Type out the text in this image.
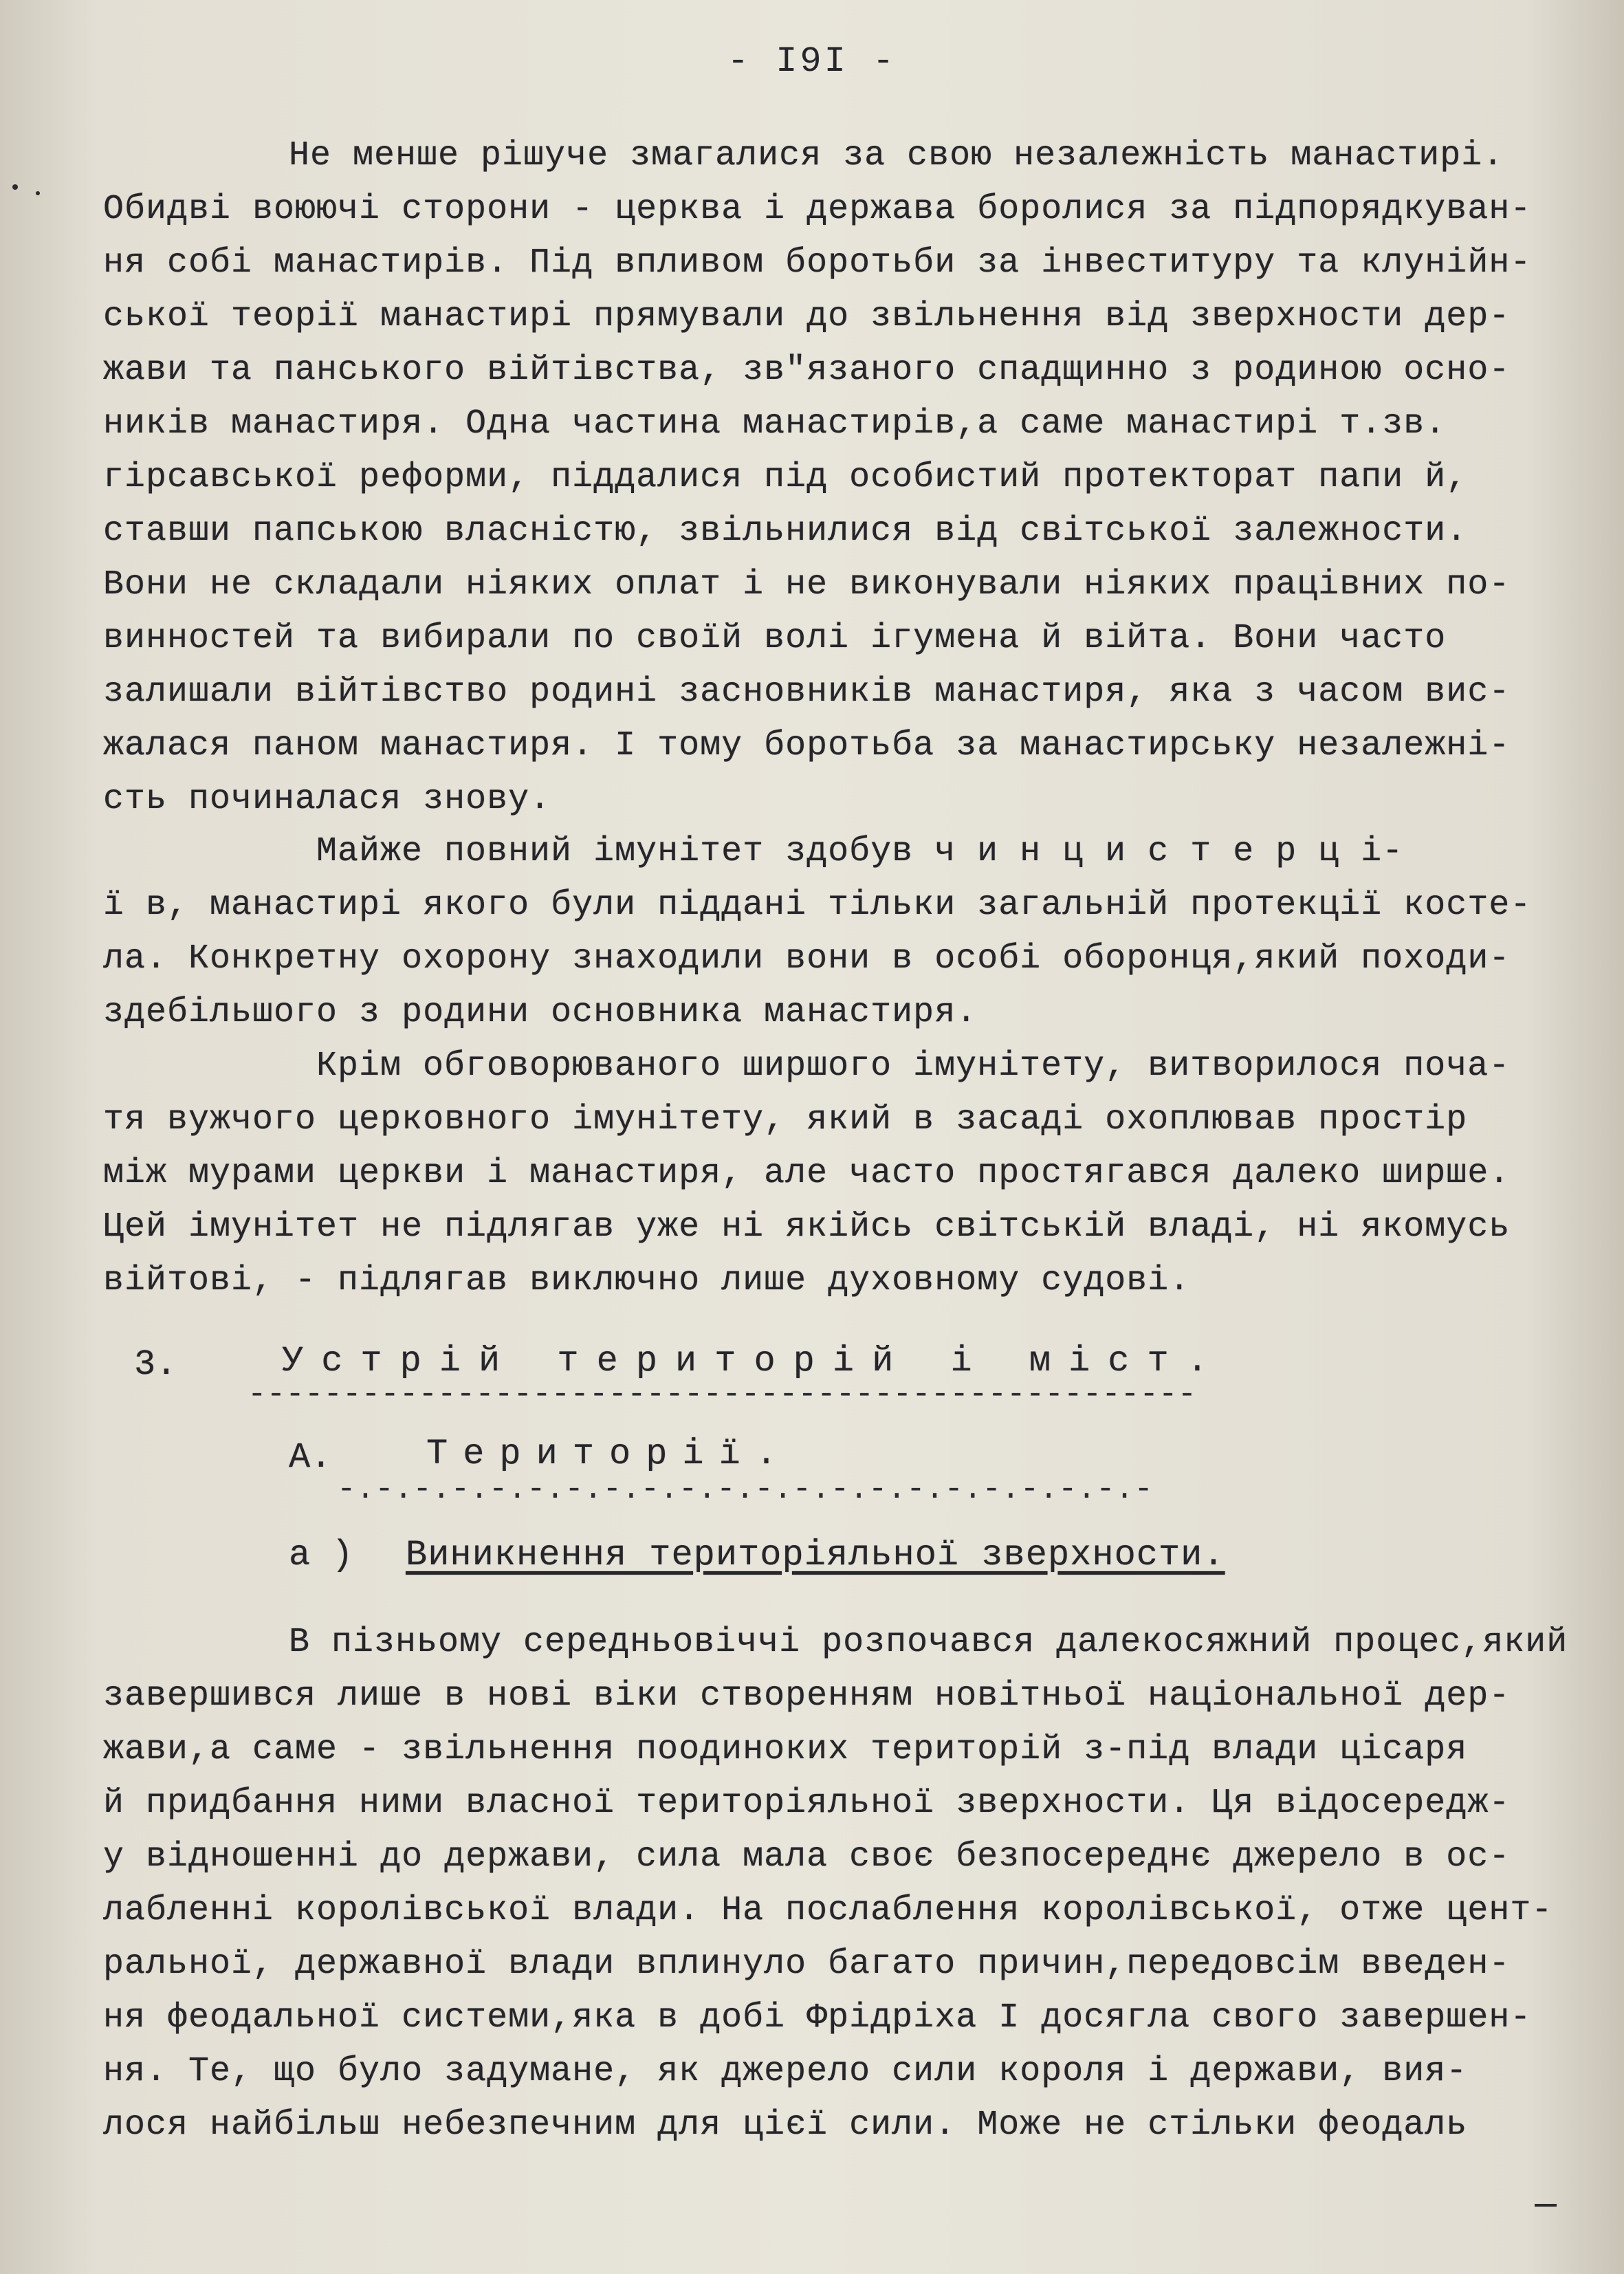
- I9I -
Не менше рішуче змагалися за свою незалежність манастирі.
Обидві воюючі сторони - церква і держава боролися за підпорядкуван-
ня собі манастирів. Під впливом боротьби за інвеституру та клунійн-
ської теорії манастирі прямували до звільнення від зверхности дер-
жави та панського війтівства, зв"язаного спадщинно з родиною осно-
ників манастиря. Одна частина манастирів,а саме манастирі т.зв.
гірсавської реформи, піддалися під особистий протекторат папи й,
ставши папською власністю, звільнилися від світської залежности.
Вони не складали ніяких оплат і не виконували ніяких працівних по-
винностей та вибирали по своїй волі ігумена й війта. Вони часто
залишали війтівство родині засновників манастиря, яка з часом вис-
жалася паном манастиря. І тому боротьба за манастирську незалежні-
сть починалася знову.
Майже повний імунітет здобув ч и н ц и с т е р ц і-
ї в, манастирі якого були піддані тільки загальній протекції косте-
ла. Конкретну охорону знаходили вони в особі оборонця,який походи-
здебільшого з родини основника манастиря.
Крім обговорюваного ширшого імунітету, витворилося поча-
тя вужчого церковного імунітету, який в засаді охоплював простір
між мурами церкви і манастиря, але часто простягався далеко ширше.
Цей імунітет не підлягав уже ні якійсь світській владі, ні якомусь
війтові, - підлягав виключно лише духовному судові.
3.	Устрій територій і міст.
--------------------------------------------------
А.	Території.
-.-.-.-.-.-.-.-.-.-.-.-.-.-.-.-.-.-.-.-.-.-
а ) Виникнення територіяльної зверхности.
В пізньому середньовіччі розпочався далекосяжний процес,який
завершився лише в нові віки створенням новітньої національної дер-
жави,а саме - звільнення поодиноких територій з-під влади цісаря
й придбання ними власної територіяльної зверхности. Ця відосередж-
у відношенні до держави, сила мала своє безпосереднє джерело в ос-
лабленні королівської влади. На послаблення королівської, отже цент-
ральної, державної влади вплинуло багато причин,передовсім введен-
ня феодальної системи,яка в добі Фрідріха І досягла свого завершен-
ня. Те, що було задумане, як джерело сили короля і держави, вия-
лося найбільш небезпечним для цієї сили. Може не стільки феодаль
